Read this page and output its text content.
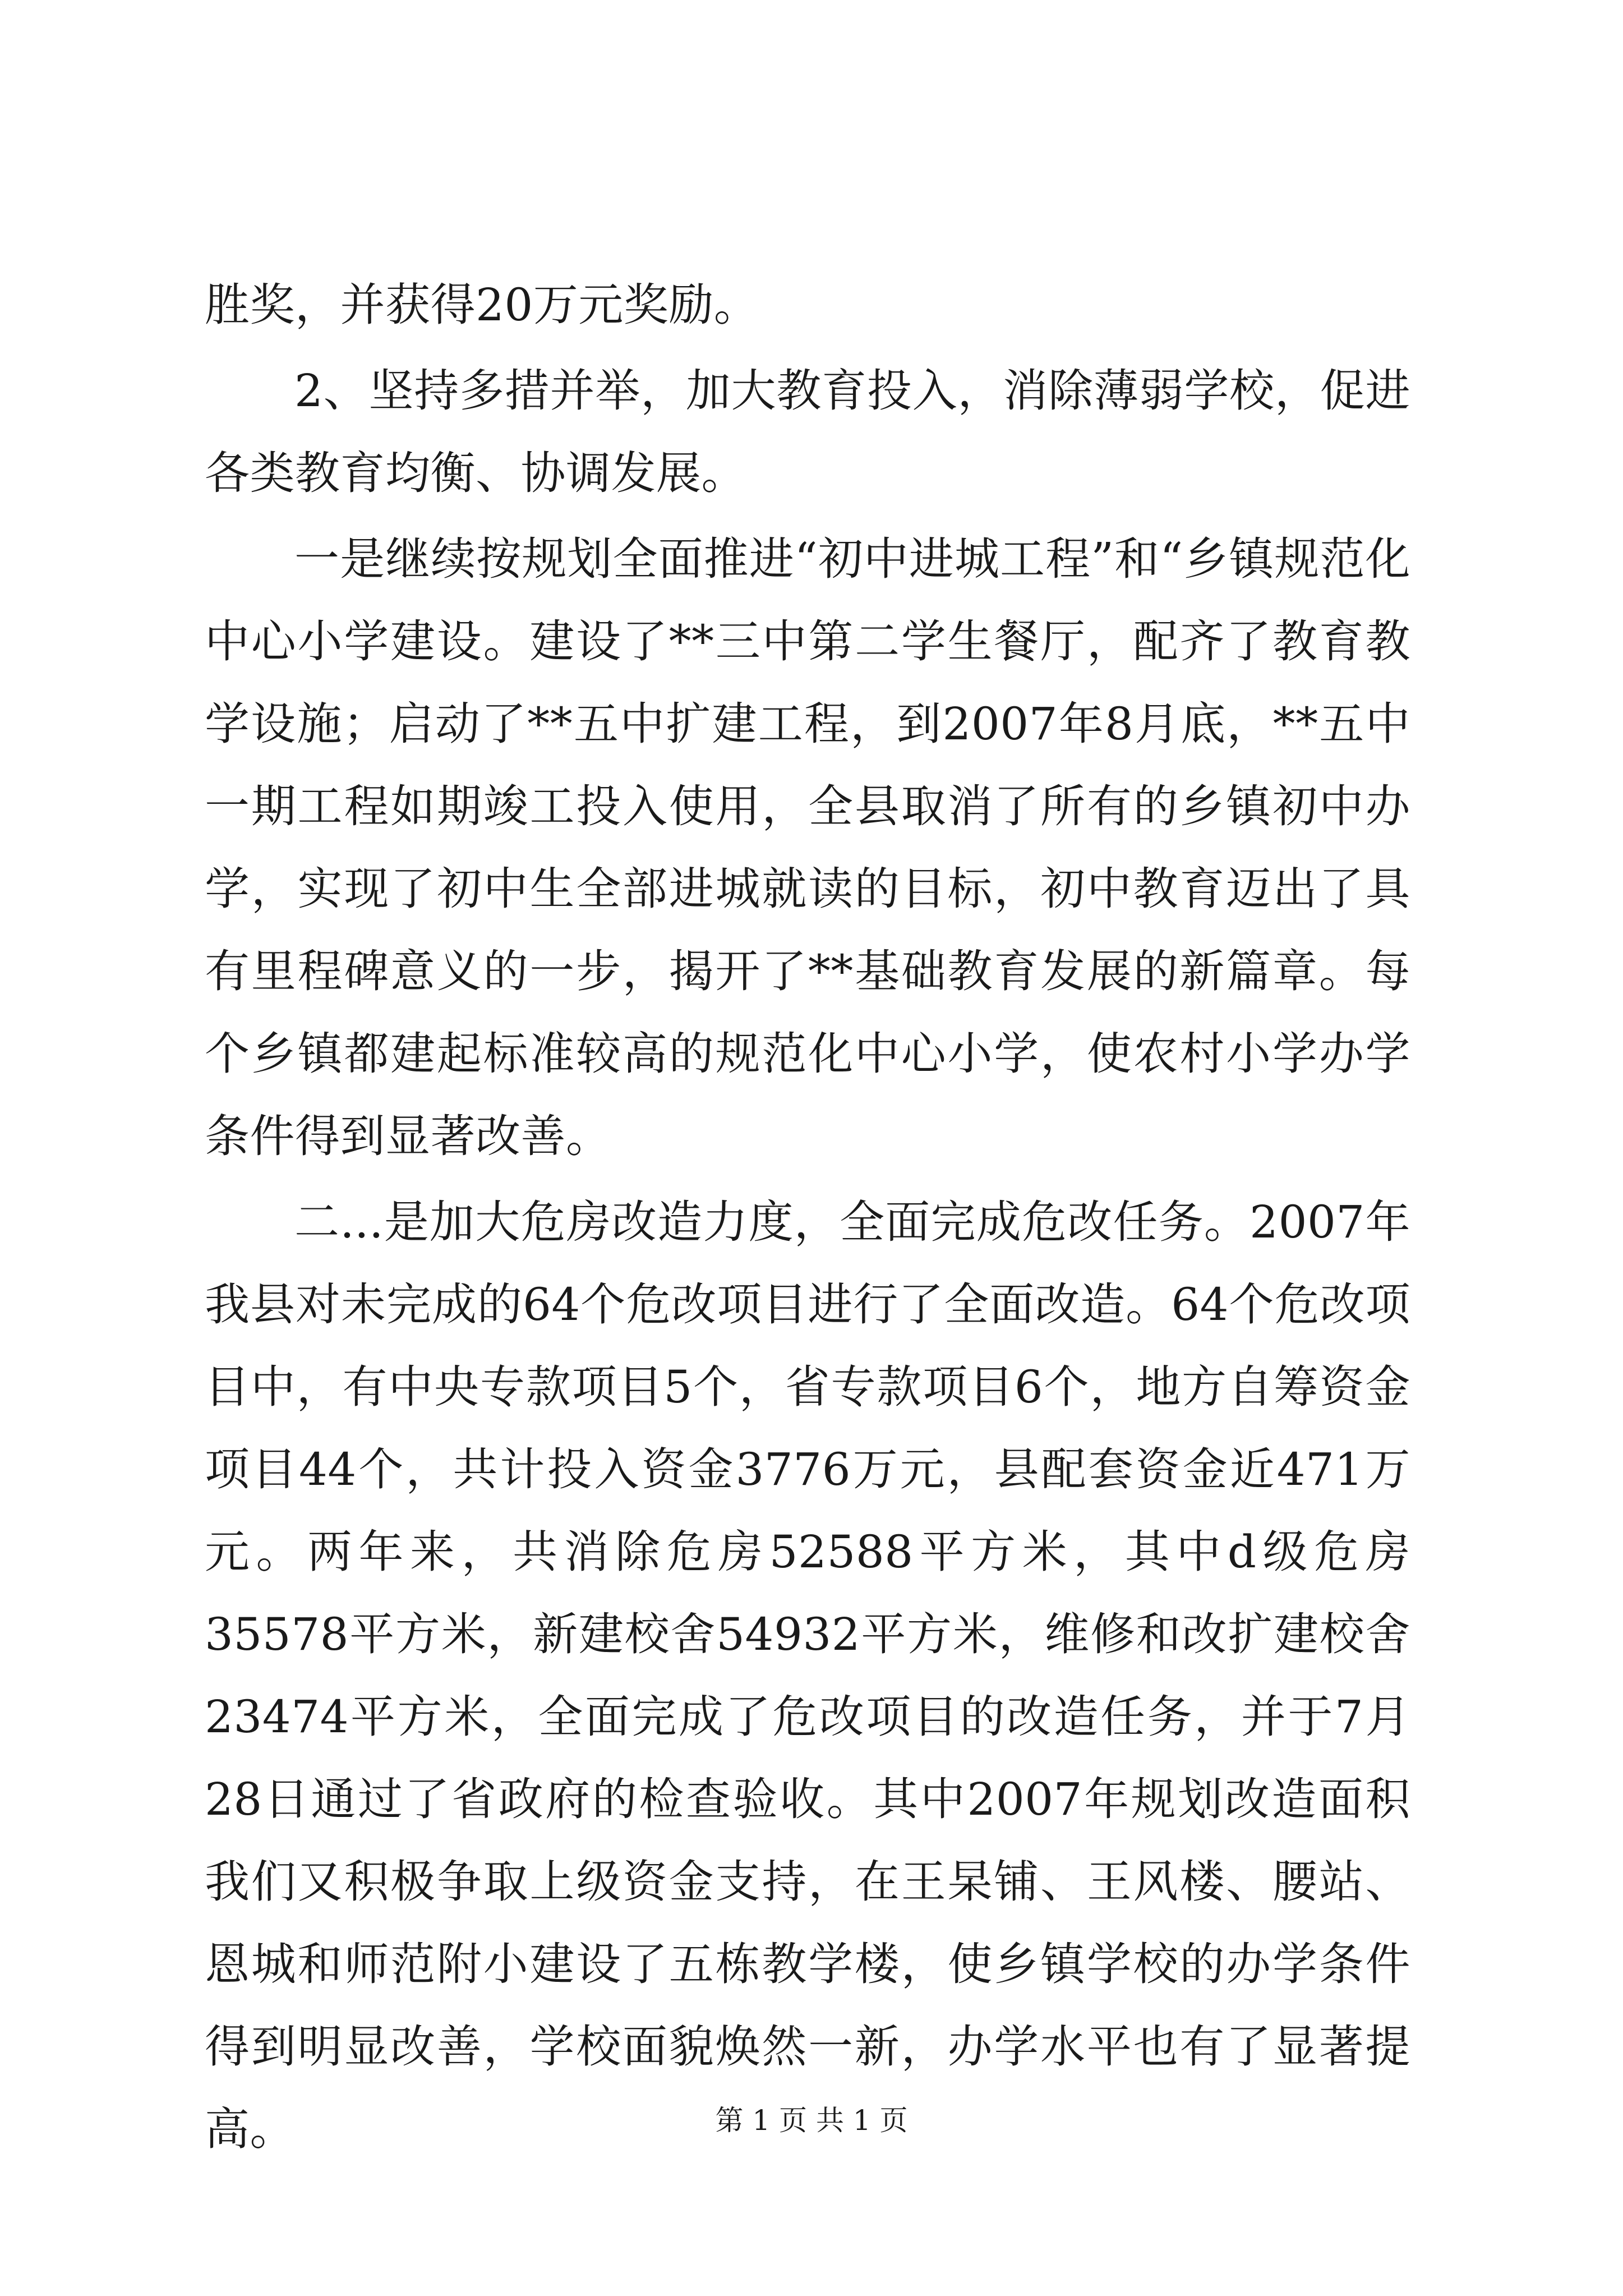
胜奖，并获得20万元奖励。

2、坚持多措并举，加大教育投入，消除薄弱学校，促进各类教育均衡、协调发展。

一是继续按规划全面推进“初中进城工程”和“乡镇规范化中心小学建设。建设了**三中第二学生餐厅，配齐了教育教学设施；启动了**五中扩建工程，到2007年8月底，**五中一期工程如期竣工投入使用，全县取消了所有的乡镇初中办学，实现了初中生全部进城就读的目标，初中教育迈出了具有里程碑意义的一步，揭开了**基础教育发展的新篇章。每个乡镇都建起标准较高的规范化中心小学，使农村小学办学条件得到显著改善。

二...是加大危房改造力度，全面完成危改任务。2007年我县对未完成的64个危改项目进行了全面改造。64个危改项目中，有中央专款项目5个，省专款项目6个，地方自筹资金项目44个，共计投入资金3776万元，县配套资金近471万元。两年来，共消除危房52588平方米，其中d级危房35578平方米，新建校舍54932平方米，维修和改扩建校舍23474平方米，全面完成了危改项目的改造任务，并于7月28日通过了省政府的检查验收。其中2007年规划改造面积我们又积极争取上级资金支持，在王杲铺、王风楼、腰站、恩城和师范附小建设了五栋教学楼，使乡镇学校的办学条件得到明显改善，学校面貌焕然一新，办学水平也有了显著提高。	第 1 页 共 1 页
